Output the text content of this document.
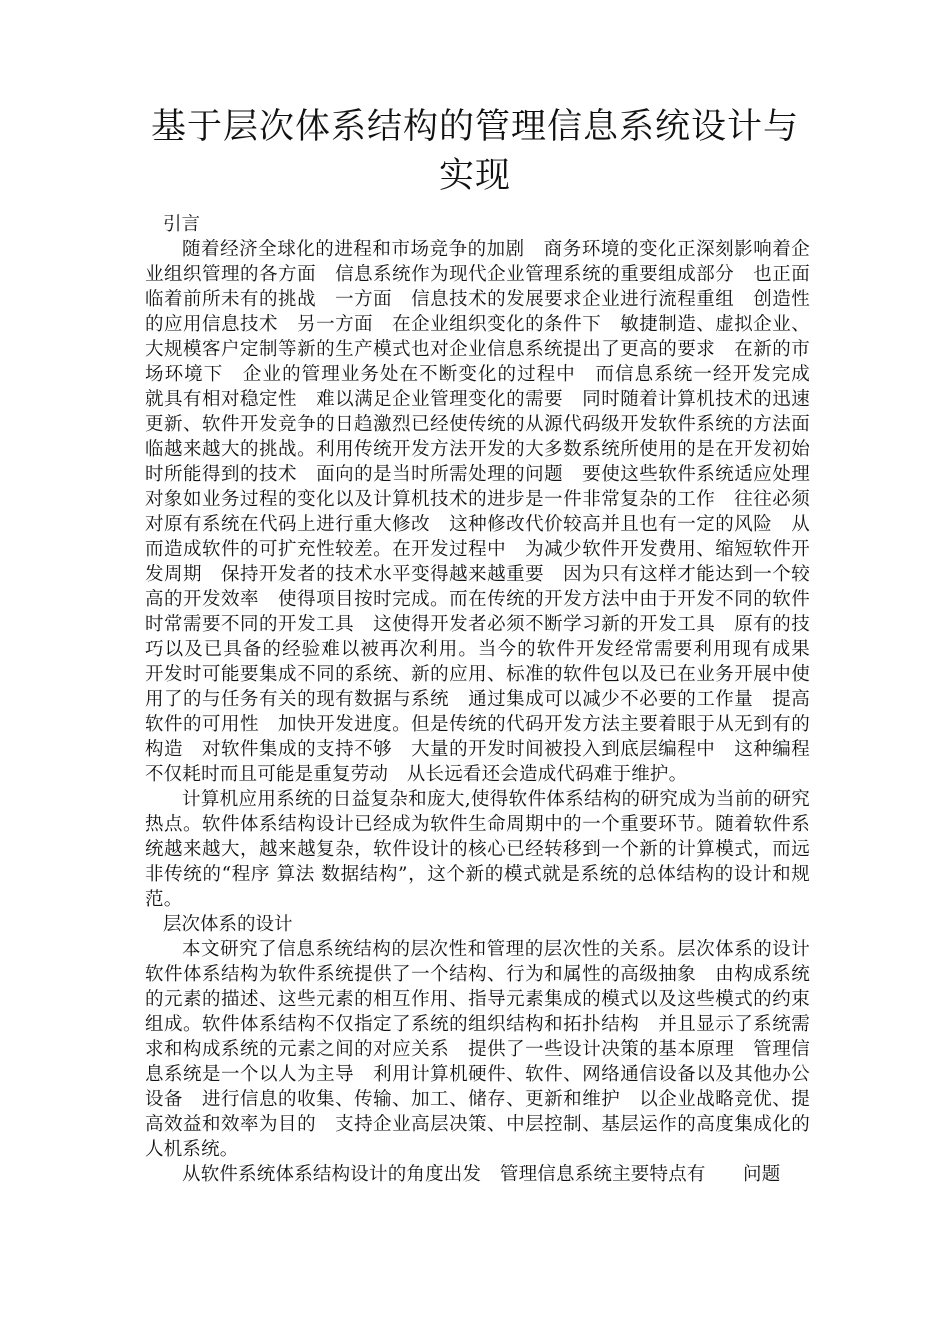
基于层次体系结构的管理信息系统设计与实现
引言

随着经济全球化的进程和市场竞争的加剧　商务环境的变化正深刻影响着企业组织管理的各方面　信息系统作为现代企业管理系统的重要组成部分　也正面临着前所未有的挑战　一方面　信息技术的发展要求企业进行流程重组　创造性的应用信息技术　另一方面　在企业组织变化的条件下　敏捷制造、虚拟企业、大规模客户定制等新的生产模式也对企业信息系统提出了更高的要求　在新的市场环境下　企业的管理业务处在不断变化的过程中　而信息系统一经开发完成　就具有相对稳定性　难以满足企业管理变化的需要　同时随着计算机技术的迅速更新、软件开发竞争的日趋激烈已经使传统的从源代码级开发软件系统的方法面临越来越大的挑战。利用传统开发方法开发的大多数系统所使用的是在开发初始时所能得到的技术　面向的是当时所需处理的问题　要使这些软件系统适应处理对象如业务过程的变化以及计算机技术的进步是一件非常复杂的工作　往往必须对原有系统在代码上进行重大修改　这种修改代价较高并且也有一定的风险　从而造成软件的可扩充性较差。在开发过程中　为减少软件开发费用、缩短软件开发周期　保持开发者的技术水平变得越来越重要　因为只有这样才能达到一个较高的开发效率　使得项目按时完成。而在传统的开发方法中由于开发不同的软件时常需要不同的开发工具　这使得开发者必须不断学习新的开发工具　原有的技巧以及已具备的经验难以被再次利用。当今的软件开发经常需要利用现有成果　开发时可能要集成不同的系统、新的应用、标准的软件包以及已在业务开展中使用了的与任务有关的现有数据与系统　通过集成可以减少不必要的工作量　提高软件的可用性　加快开发进度。但是传统的代码开发方法主要着眼于从无到有的构造　对软件集成的支持不够　大量的开发时间被投入到底层编程中　这种编程不仅耗时而且可能是重复劳动　从长远看还会造成代码难于维护。

计算机应用系统的日益复杂和庞大,使得软件体系结构的研究成为当前的研究热点。软件体系结构设计已经成为软件生命周期中的一个重要环节。随着软件系统越来越大，越来越复杂，软件设计的核心已经转移到一个新的计算模式，而远非传统的“程序 算法 数据结构”，这个新的模式就是系统的总体结构的设计和规范。

层次体系的设计

本文研究了信息系统结构的层次性和管理的层次性的关系。层次体系的设计　软件体系结构为软件系统提供了一个结构、行为和属性的高级抽象　由构成系统的元素的描述、这些元素的相互作用、指导元素集成的模式以及这些模式的约束组成。软件体系结构不仅指定了系统的组织结构和拓扑结构　并且显示了系统需求和构成系统的元素之间的对应关系　提供了一些设计决策的基本原理　管理信息系统是一个以人为主导　利用计算机硬件、软件、网络通信设备以及其他办公设备　进行信息的收集、传输、加工、储存、更新和维护　以企业战略竞优、提高效益和效率为目的　支持企业高层决策、中层控制、基层运作的高度集成化的人机系统。

从软件系统体系结构设计的角度出发　管理信息系统主要特点有　　问题
